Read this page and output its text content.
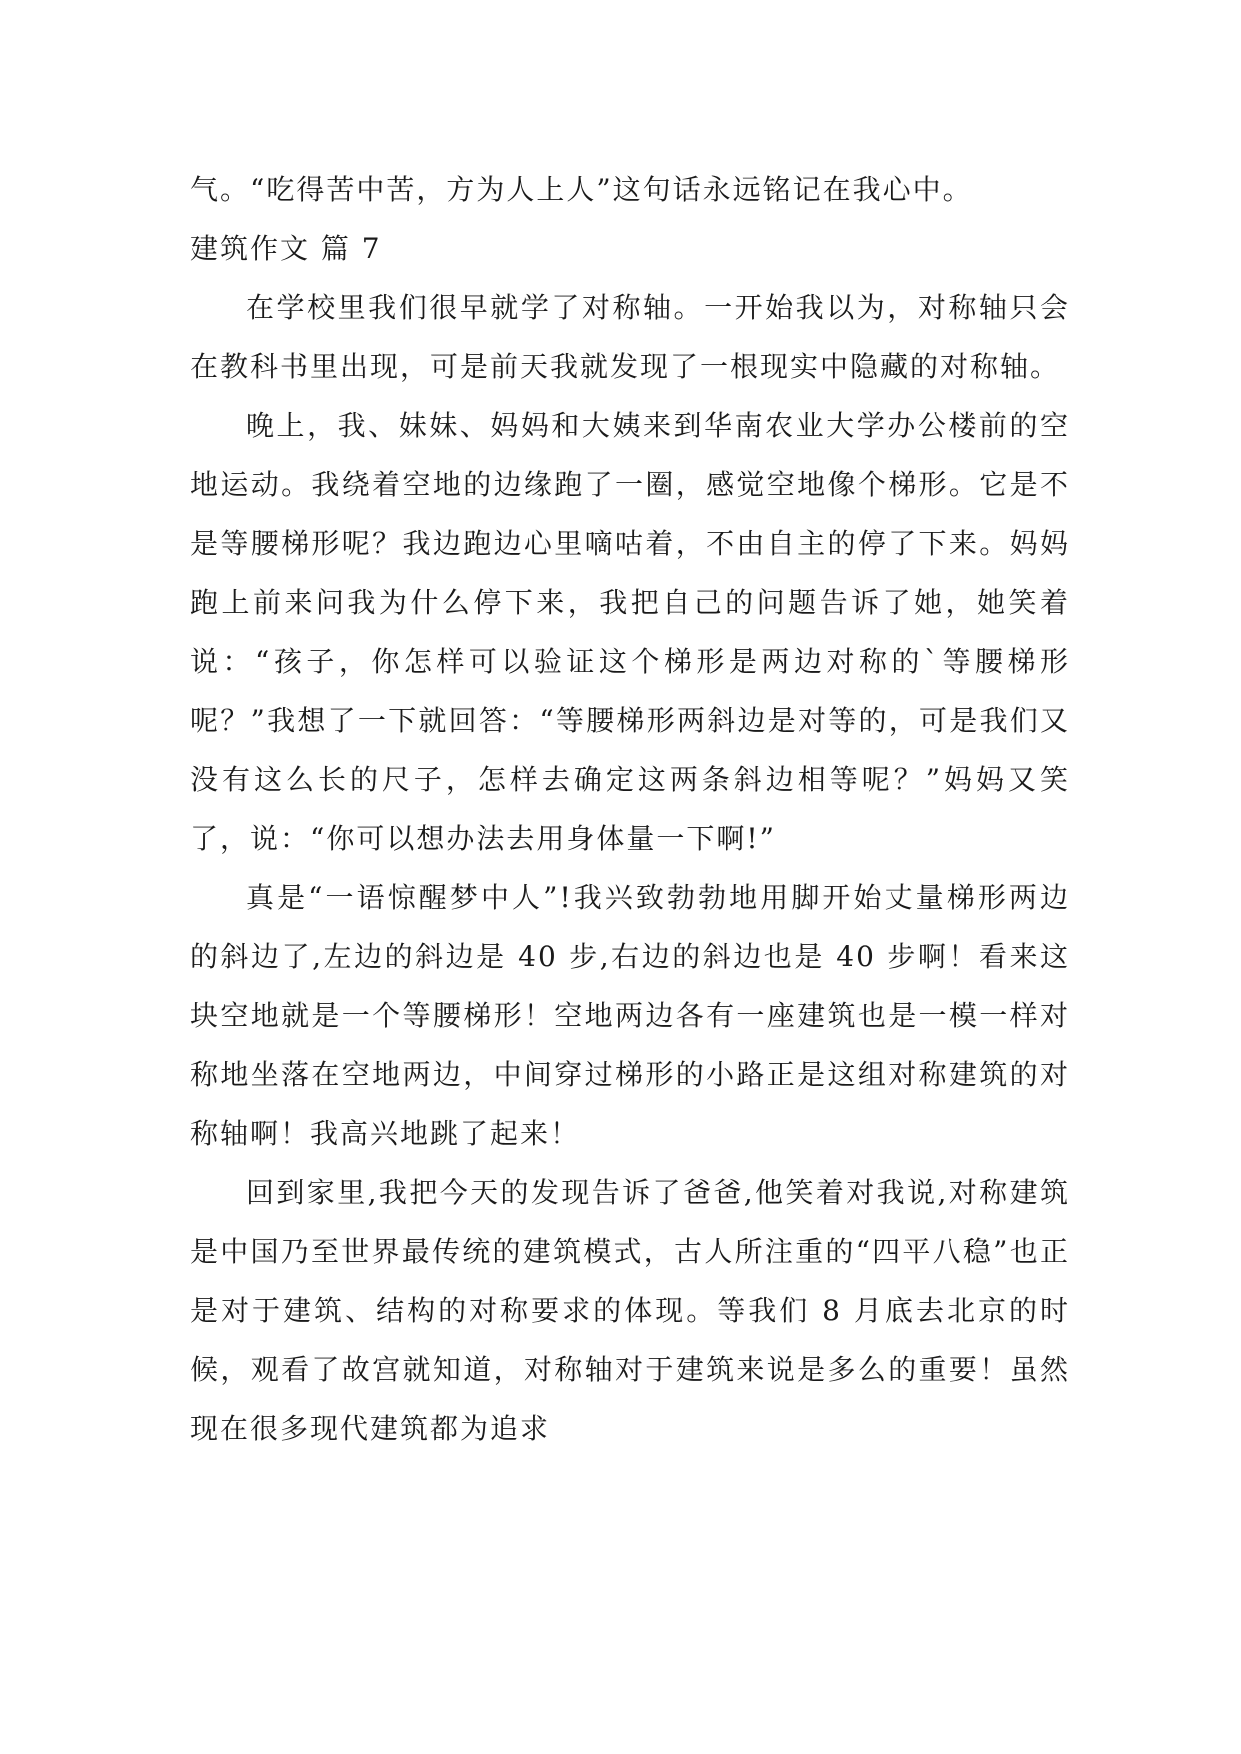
气。“吃得苦中苦，方为人上人”这句话永远铭记在我心中。

建筑作文 篇 7

在学校里我们很早就学了对称轴。一开始我以为，对称轴只会在教科书里出现，可是前天我就发现了一根现实中隐藏的对称轴。

晚上，我、妹妹、妈妈和大姨来到华南农业大学办公楼前的空地运动。我绕着空地的边缘跑了一圈，感觉空地像个梯形。它是不是等腰梯形呢？我边跑边心里嘀咕着，不由自主的停了下来。妈妈跑上前来问我为什么停下来，我把自己的问题告诉了她，她笑着说：“孩子，你怎样可以验证这个梯形是两边对称的`等腰梯形呢？”我想了一下就回答：“等腰梯形两斜边是对等的，可是我们又没有这么长的尺子，怎样去确定这两条斜边相等呢？”妈妈又笑了，说：“你可以想办法去用身体量一下啊!”

真是“一语惊醒梦中人”!我兴致勃勃地用脚开始丈量梯形两边的斜边了,左边的斜边是 40 步,右边的斜边也是 40 步啊！看来这块空地就是一个等腰梯形！空地两边各有一座建筑也是一模一样对称地坐落在空地两边，中间穿过梯形的小路正是这组对称建筑的对称轴啊！我高兴地跳了起来！

回到家里,我把今天的发现告诉了爸爸,他笑着对我说,对称建筑是中国乃至世界最传统的建筑模式，古人所注重的“四平八稳”也正是对于建筑、结构的对称要求的体现。等我们 8 月底去北京的时候，观看了故宫就知道，对称轴对于建筑来说是多么的重要！虽然现在很多现代建筑都为追求
